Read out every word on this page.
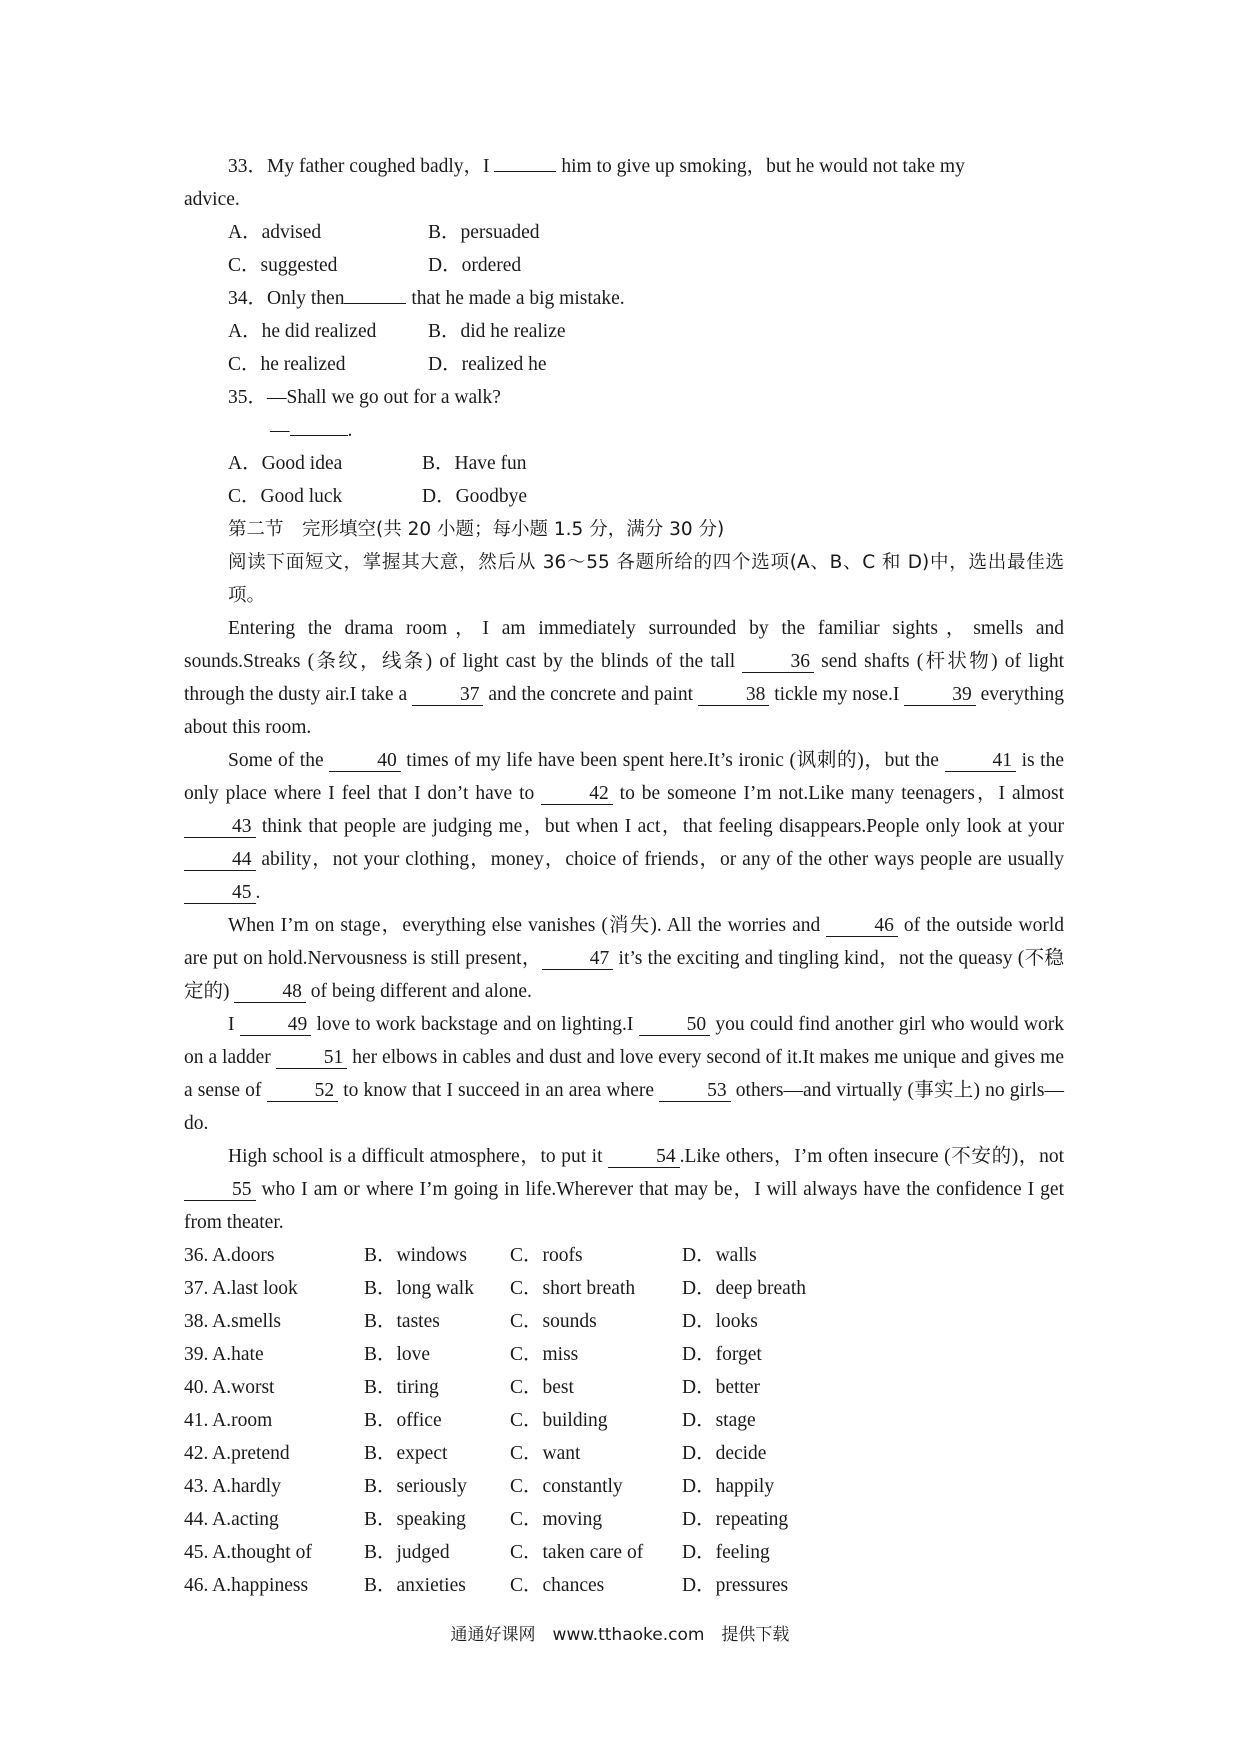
33．My father coughed badly，I	him to give up smoking，but he would not take my
advice.
A．advised	B．persuaded
C．suggested	D．ordered
34．Only then	that he made a big mistake.
A．he did realized	B．did he realize
C．he realized	D．realized he
35．—Shall we go out for a walk?
—	.
A．Good idea	B．Have fun
C．Good luck	D．Goodbye
第二节　完形填空(共 20 小题；每小题 1.5 分，满分 30 分)
阅读下面短文，掌握其大意，然后从 36～55 各题所给的四个选项(A、B、C 和 D)中，选出最佳选项。
Entering the drama room，I am immediately surrounded by the familiar sights，smells and sounds.Streaks (条纹，线条) of light cast by the blinds of the tall 36 send shafts (杆状物) of light through the dusty air.I take a 37 and the concrete and paint 38 tickle my nose.I 39 everything about this room.
Some of the 40 times of my life have been spent here.It’s ironic (讽刺的)，but the 41 is the only place where I feel that I don’t have to 42 to be someone I’m not.Like many teenagers，I almost 43 think that people are judging me，but when I act，that feeling disappears.People only look at your 44 ability，not your clothing，money，choice of friends，or any of the other ways people are usually 45 .
When I’m on stage，everything else vanishes (消失). All the worries and 46 of the outside world are put on hold.Nervousness is still present， 47 it’s the exciting and tingling kind，not the queasy (不稳定的) 48 of being different and alone.
I 49 love to work backstage and on lighting.I 50 you could find another girl who would work on a ladder 51 her elbows in cables and dust and love every second of it.It makes me unique and gives me a sense of 52 to know that I succeed in an area where 53 others—and virtually (事实上) no girls—do.
High school is a difficult atmosphere，to put it 54 .Like others，I’m often insecure (不安的)，not 55 who I am or where I’m going in life.Wherever that may be，I will always have the confidence I get from theater.
36. A.doors	B．windows	C．roofs	D．walls
37. A.last look	B．long walk	C．short breath	D．deep breath
38. A.smells	B．tastes	C．sounds	D．looks
39. A.hate	B．love	C．miss	D．forget
40. A.worst	B．tiring	C．best	D．better
41. A.room	B．office	C．building	D．stage
42. A.pretend	B．expect	C．want	D．decide
43. A.hardly	B．seriously	C．constantly	D．happily
44. A.acting	B．speaking	C．moving	D．repeating
45. A.thought of	B．judged	C．taken care of	D．feeling
46. A.happiness	B．anxieties	C．chances	D．pressures
通通好课网　www.tthaoke.com　提供下载
